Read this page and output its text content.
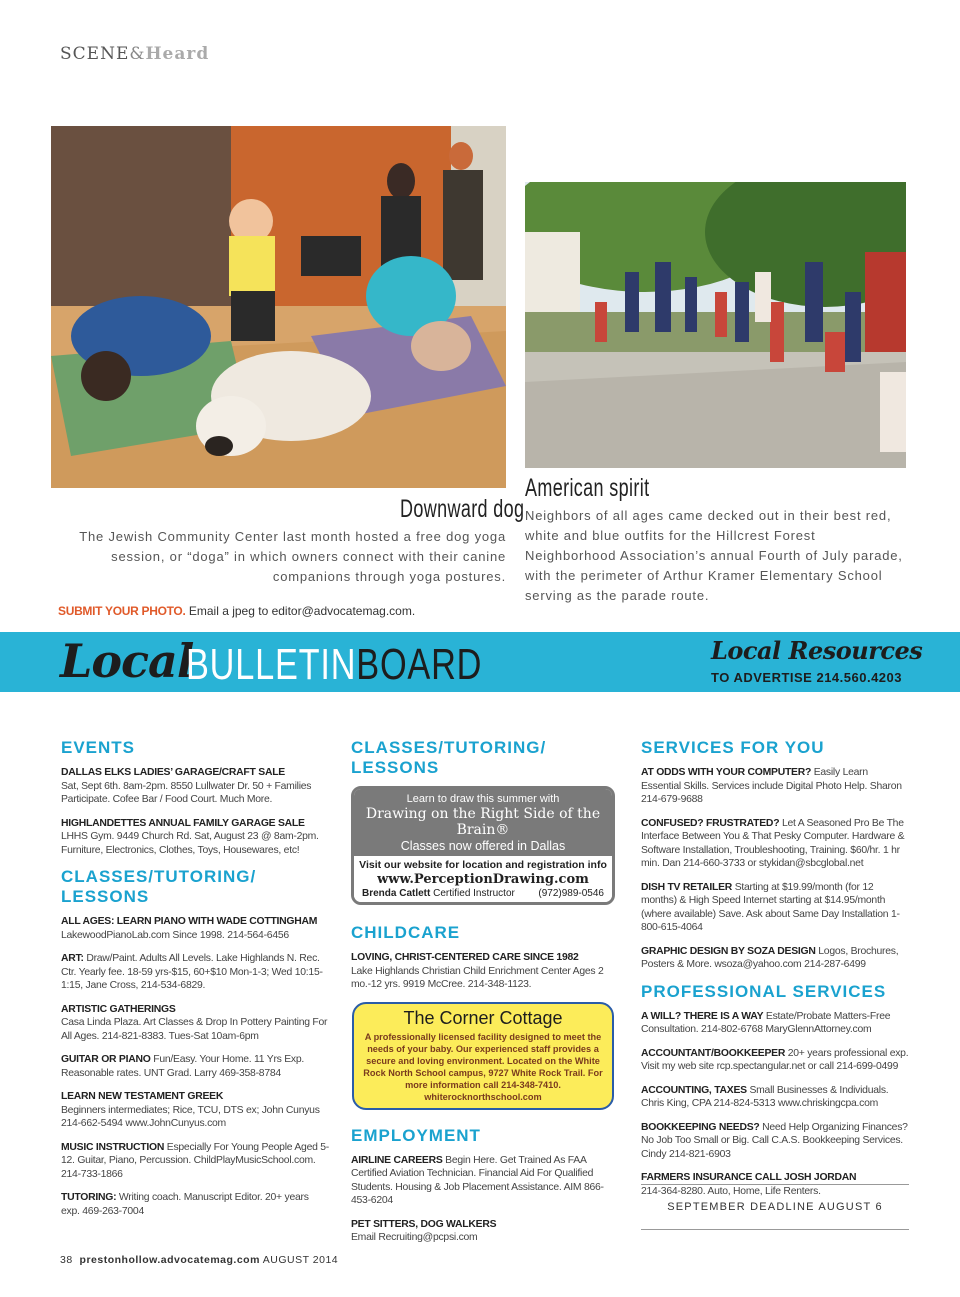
SCENE&Heard
Downward dog
The Jewish Community Center last month hosted a free dog yoga session, or “doga” in which owners connect with their canine companions through yoga postures.
American spirit
Neighbors of all ages came decked out in their best red, white and blue outfits for the Hillcrest Forest Neighborhood Association’s annual Fourth of July parade, with the perimeter of Arthur Kramer Elementary School serving as the parade route.
SUBMIT YOUR PHOTO. Email a jpeg to editor@advocatemag.com.
Local
BULLETINBOARD	Local Resources
TO ADVERTISE 214.560.4203
EVENTS
DALLAS ELKS LADIES’ GARAGE/CRAFT SALE
Sat, Sept 6th. 8am-2pm. 8550 Lullwater Dr. 50 + Families Participate. Cofee Bar / Food Court. Much More.
HIGHLANDETTES ANNUAL FAMILY GARAGE SALE
LHHS Gym. 9449 Church Rd. Sat, August 23 @ 8am-2pm. Furniture, Electronics, Clothes, Toys, Housewares, etc!
CLASSES/TUTORING/ LESSONS
ALL AGES: LEARN PIANO WITH WADE COTTINGHAM
LakewoodPianoLab.com Since 1998. 214-564-6456
ART: Draw/Paint. Adults All Levels. Lake Highlands N. Rec. Ctr. Yearly fee. 18-59 yrs-$15, 60+$10 Mon-1-3; Wed 10:15-1:15, Jane Cross, 214-534-6829.
ARTISTIC GATHERINGS
Casa Linda Plaza. Art Classes & Drop In Pottery Painting For All Ages. 214-821-8383. Tues-Sat 10am-6pm
GUITAR OR PIANO Fun/Easy. Your Home. 11 Yrs Exp. Reasonable rates. UNT Grad. Larry 469-358-8784
LEARN NEW TESTAMENT GREEK
Beginners intermediates; Rice, TCU, DTS ex; John Cunyus 214-662-5494 www.JohnCunyus.com
MUSIC INSTRUCTION Especially For Young People Aged 5-12. Guitar, Piano, Percussion. ChildPlayMusicSchool.com. 214-733-1866
TUTORING: Writing coach. Manuscript Editor. 20+ years exp. 469-263-7004
CLASSES/TUTORING/ LESSONS
Learn to draw this summer with
Drawing on the Right Side of the Brain®
Classes now offered in Dallas
Visit our website for location and registration info
www.PerceptionDrawing.com
Brenda Catlett Certified Instructor (972)989-0546
CHILDCARE
LOVING, CHRIST-CENTERED CARE SINCE 1982
Lake Highlands Christian Child Enrichment Center Ages 2 mo.-12 yrs. 9919 McCree. 214-348-1123.
The Corner Cottage
A professionally licensed facility designed to meet the needs of your baby. Our experienced staff provides a secure and loving environment. Located on the White Rock North School campus, 9727 White Rock Trail. For more information call 214-348-7410. whiterocknorthschool.com
EMPLOYMENT
AIRLINE CAREERS Begin Here. Get Trained As FAA Certified Aviation Technician. Financial Aid For Qualified Students. Housing & Job Placement Assistance. AIM 866-453-6204
PET SITTERS, DOG WALKERS
Email Recruiting@pcpsi.com
SERVICES FOR YOU
AT ODDS WITH YOUR COMPUTER? Easily Learn Essential Skills. Services include Digital Photo Help. Sharon 214-679-9688
CONFUSED? FRUSTRATED? Let A Seasoned Pro Be The Interface Between You & That Pesky Computer. Hardware & Software Installation, Troubleshooting, Training. $60/hr. 1 hr min. Dan 214-660-3733 or stykidan@sbcglobal.net
DISH TV RETAILER Starting at $19.99/month (for 12 months) & High Speed Internet starting at $14.95/month (where available) Save. Ask about Same Day Installation 1-800-615-4064
GRAPHIC DESIGN BY SOZA DESIGN Logos, Brochures, Posters & More. wsoza@yahoo.com 214-287-6499
PROFESSIONAL SERVICES
A WILL? THERE IS A WAY Estate/Probate Matters-Free Consultation. 214-802-6768 MaryGlennAttorney.com
ACCOUNTANT/BOOKKEEPER 20+ years professional exp. Visit my web site rcp.spectangular.net or call 214-699-0499
ACCOUNTING, TAXES Small Businesses & Individuals. Chris King, CPA 214-824-5313 www.chriskingcpa.com
BOOKKEEPING NEEDS? Need Help Organizing Finances? No Job Too Small or Big. Call C.A.S. Bookkeeping Services. Cindy 214-821-6903
FARMERS INSURANCE CALL JOSH JORDAN
214-364-8280. Auto, Home, Life Renters.
SEPTEMBER DEADLINE AUGUST 6
38 prestonhollow.advocatemag.com AUGUST 2014
